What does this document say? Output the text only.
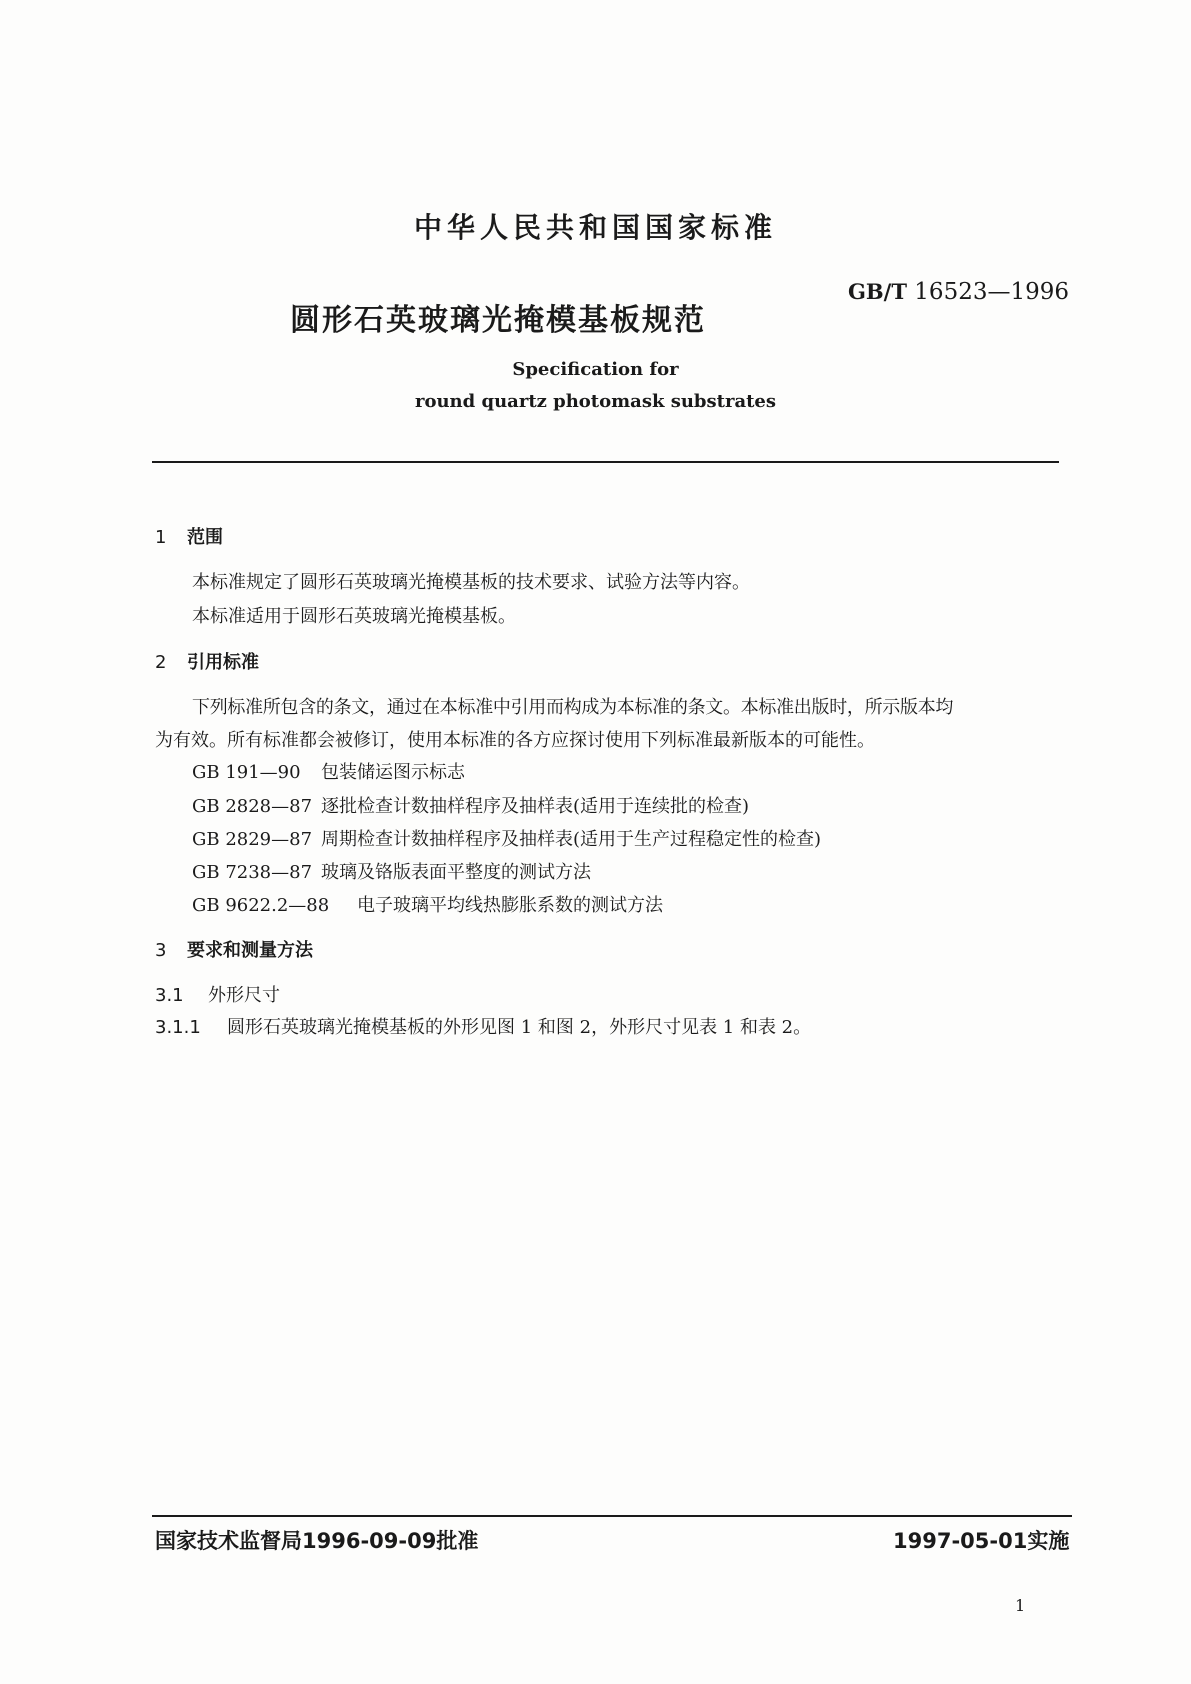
中华人民共和国国家标准
圆形石英玻璃光掩模基板规范
GB/T 16523—1996
Specification for
round quartz photomask substrates
1 范围
本标准规定了圆形石英玻璃光掩模基板的技术要求、试验方法等内容。
本标准适用于圆形石英玻璃光掩模基板。
2 引用标准
下列标准所包含的条文，通过在本标准中引用而构成为本标准的条文。本标准出版时，所示版本均
为有效。所有标准都会被修订，使用本标准的各方应探讨使用下列标准最新版本的可能性。
GB 191—90 包装储运图示标志
GB 2828—87 逐批检查计数抽样程序及抽样表(适用于连续批的检查)
GB 2829—87 周期检查计数抽样程序及抽样表(适用于生产过程稳定性的检查)
GB 7238—87 玻璃及铬版表面平整度的测试方法
GB 9622.2—88 电子玻璃平均线热膨胀系数的测试方法
3 要求和测量方法
3.1 外形尺寸
3.1.1 圆形石英玻璃光掩模基板的外形见图 1 和图 2，外形尺寸见表 1 和表 2。
国家技术监督局1996-09-09批准	1997-05-01实施
1
